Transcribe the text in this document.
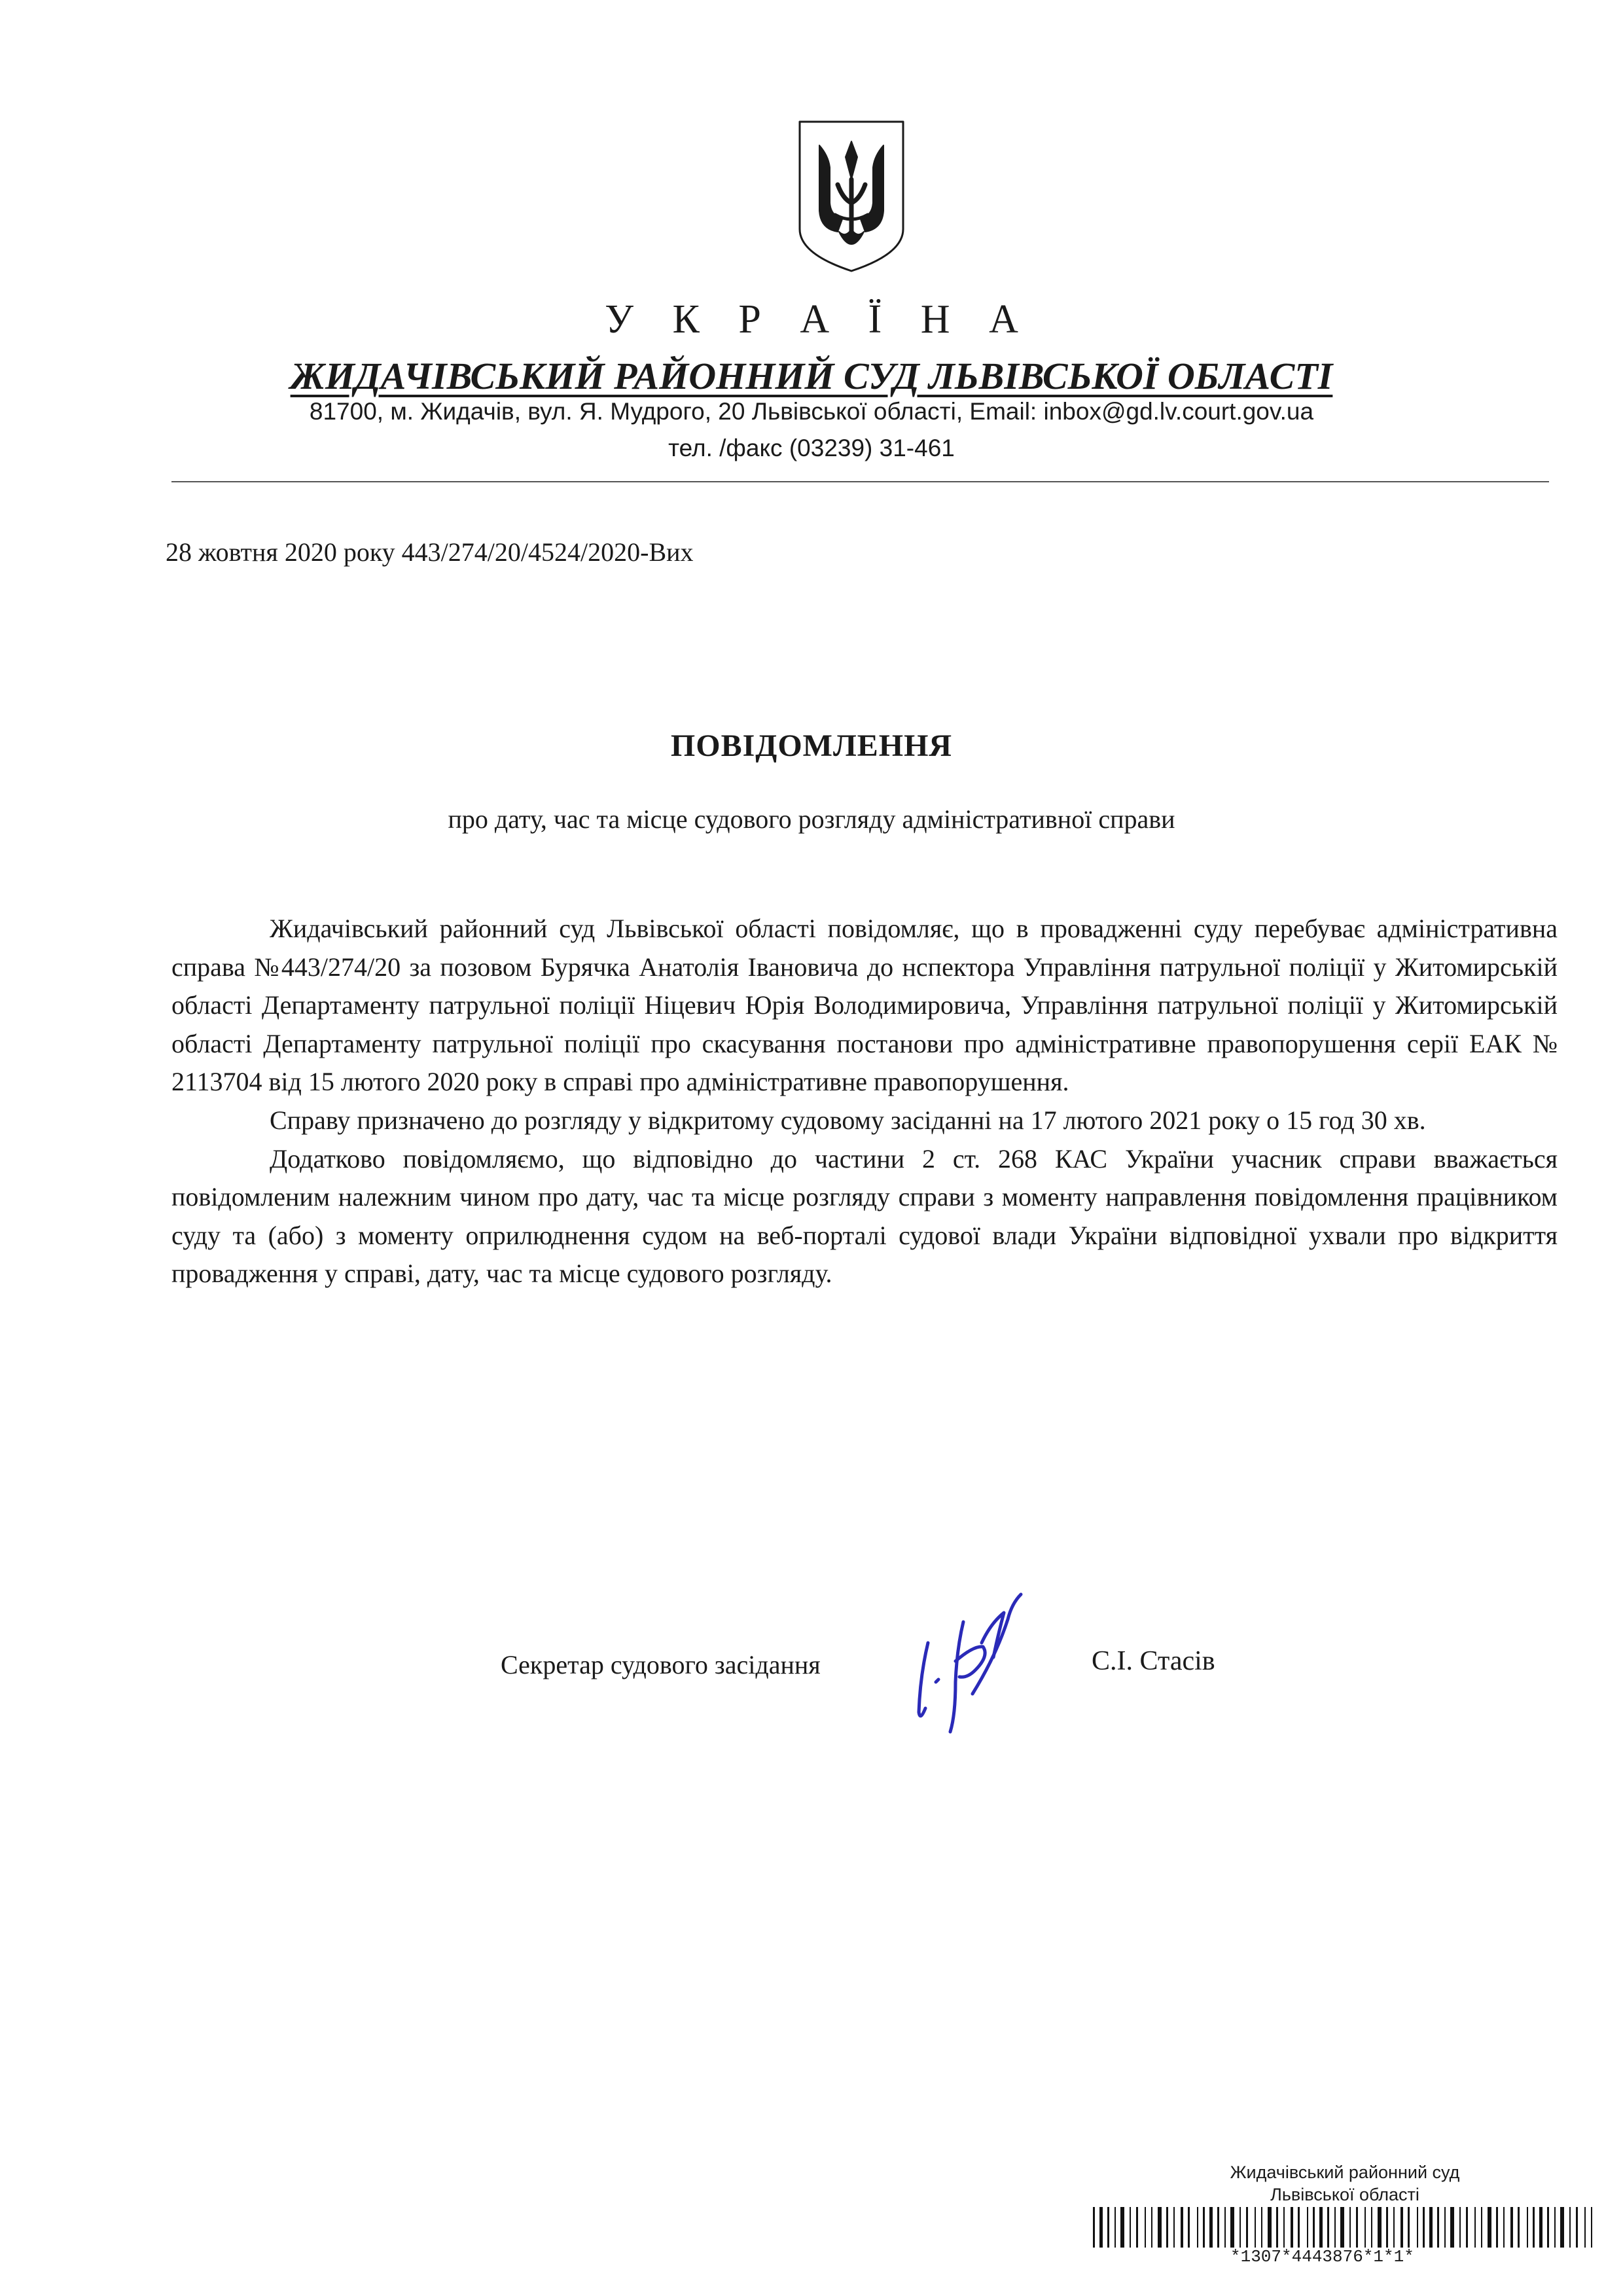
У К Р А Ї Н А
ЖИДАЧІВСЬКИЙ РАЙОННИЙ СУД ЛЬВІВСЬКОЇ ОБЛАСТІ
81700, м. Жидачів, вул. Я. Мудрого, 20 Львівської області, Email: inbox@gd.lv.court.gov.ua
тел. /факс (03239) 31-461
28 жовтня 2020 року 443/274/20/4524/2020-Вих
ПОВІДОМЛЕННЯ
про дату, час та місце судового розгляду адміністративної справи

Жидачівський районний суд Львівської області повідомляє, що в провадженні суду перебуває адміністративна справа №443/274/20 за позовом Бурячка Анатолія Івановича до нспектора Управління патрульної поліції у Житомирській області Департаменту патрульної поліції Ніцевич Юрія Володимировича, Управління патрульної поліції у Житомирській області Департаменту патрульної поліції про скасування постанови про адміністративне правопорушення серії ЕАК № 2113704 від 15 лютого 2020 року в справі про адміністративне правопорушення.

Справу призначено до розгляду у відкритому судовому засіданні на 17 лютого 2021 року о 15 год 30 хв.

Додатково повідомляємо, що відповідно до частини 2 ст. 268 КАС України учасник справи вважається повідомленим належним чином про дату, час та місце розгляду справи з моменту направлення повідомлення працівником суду та (або) з моменту оприлюднення судом на веб-порталі судової влади України відповідної ухвали про відкриття провадження у справі, дату, час та місце судового розгляду.

Секретар судового засідання	С.І. Стасів
Жидачівський районний суд
Львівської області
*1307*4443876*1*1*
